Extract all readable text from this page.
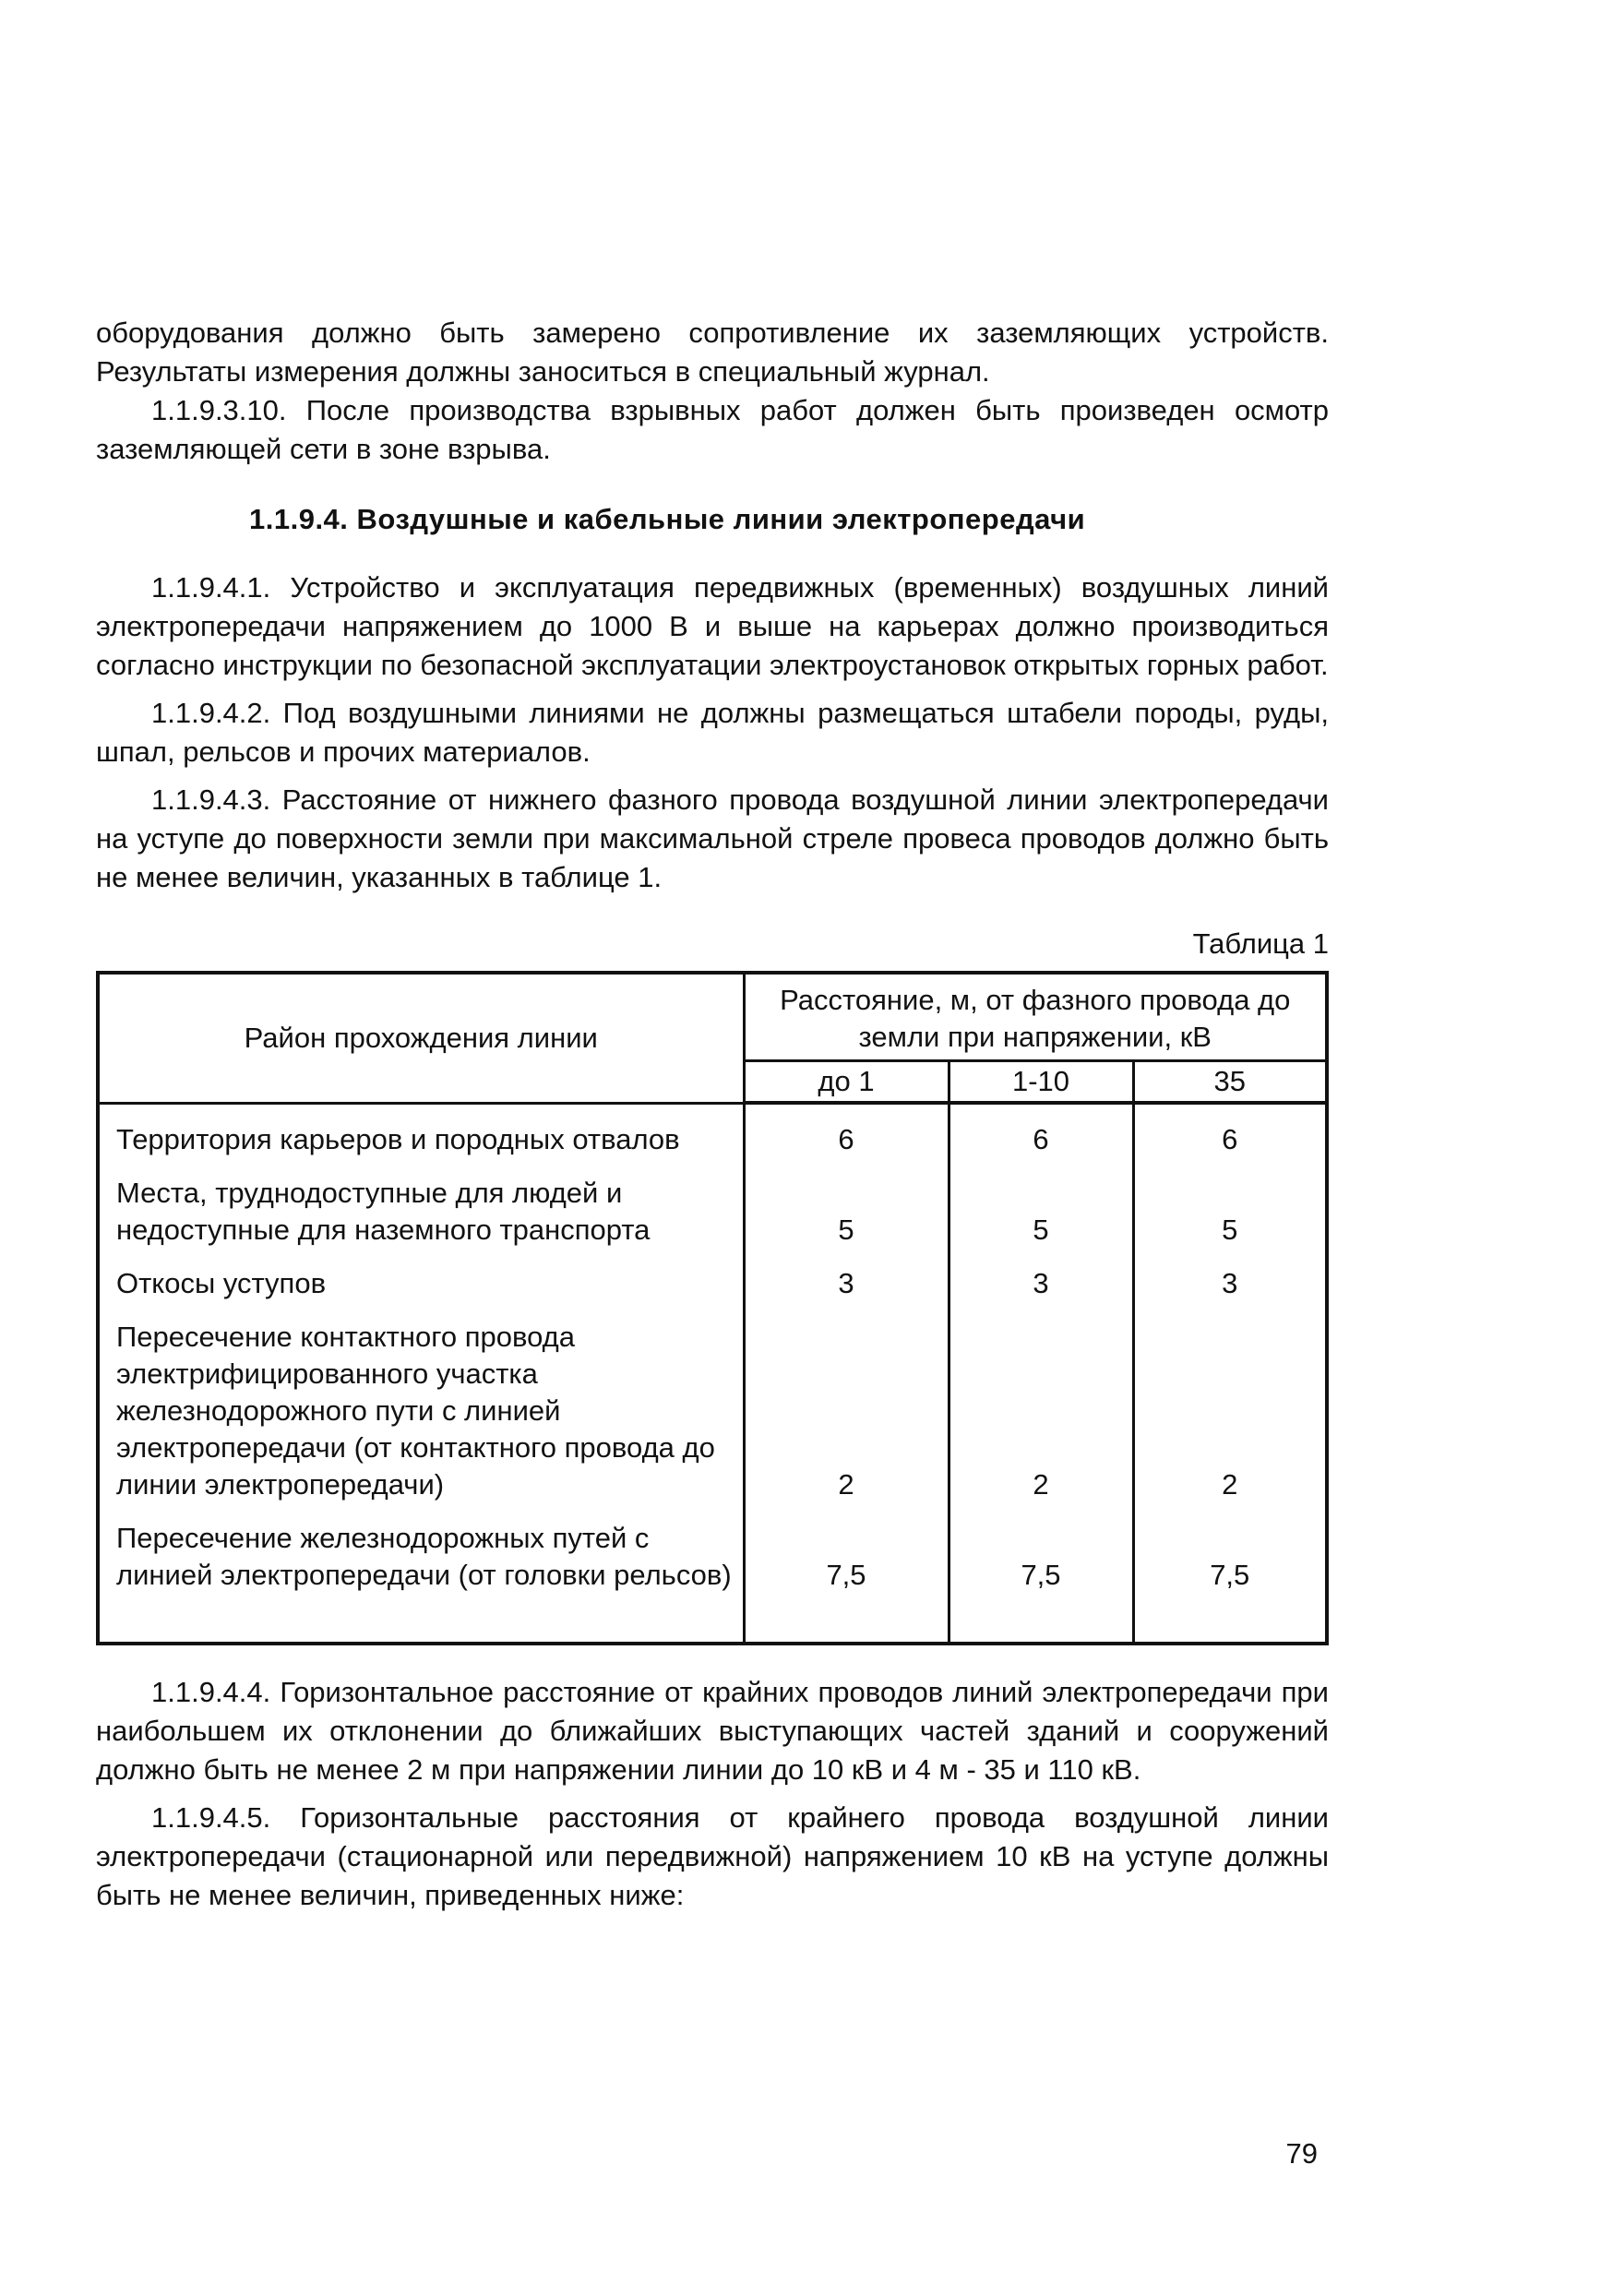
оборудования должно быть замерено сопротивление их заземляющих устройств. Результаты измерения должны заноситься в специальный журнал.

1.1.9.3.10. После производства взрывных работ должен быть произведен осмотр заземляющей сети в зоне взрыва.

1.1.9.4. Воздушные и кабельные линии электропередачи

1.1.9.4.1. Устройство и эксплуатация передвижных (временных) воздушных линий электропередачи напряжением до 1000 В и выше на карьерах должно производиться согласно инструкции по безопасной эксплуатации электроустановок открытых горных работ.

1.1.9.4.2. Под воздушными линиями не должны размещаться штабели породы, руды, шпал, рельсов и прочих материалов.

1.1.9.4.3. Расстояние от нижнего фазного провода воздушной линии электропередачи на уступе до поверхности земли при максимальной стреле провеса проводов должно быть не менее величин, указанных в таблице 1.

Таблица 1
Район прохождения линии	Расстояние, м, от фазного провода до земли при напряжении, кВ		
	до 1	1-10	35
Территория карьеров и породных отвалов	6	6	6
Места, труднодоступные для людей и недоступные для наземного транспорта	5	5	5
Откосы уступов	3	3	3
Пересечение контактного провода электрифицированного участка железнодорожного пути с линией электропередачи (от контактного провода до линии электропередачи)	2	2	2
Пересечение железнодорожных путей с линией электропередачи (от головки рельсов)	7,5	7,5	7,5

1.1.9.4.4. Горизонтальное расстояние от крайних проводов линий электропередачи при наибольшем их отклонении до ближайших выступающих частей зданий и сооружений должно быть не менее 2 м при напряжении линии до 10 кВ и 4 м - 35 и 110 кВ.

1.1.9.4.5. Горизонтальные расстояния от крайнего провода воздушной линии электропередачи (стационарной или передвижной) напряжением 10 кВ на уступе должны быть не менее величин, приведенных ниже:

79
